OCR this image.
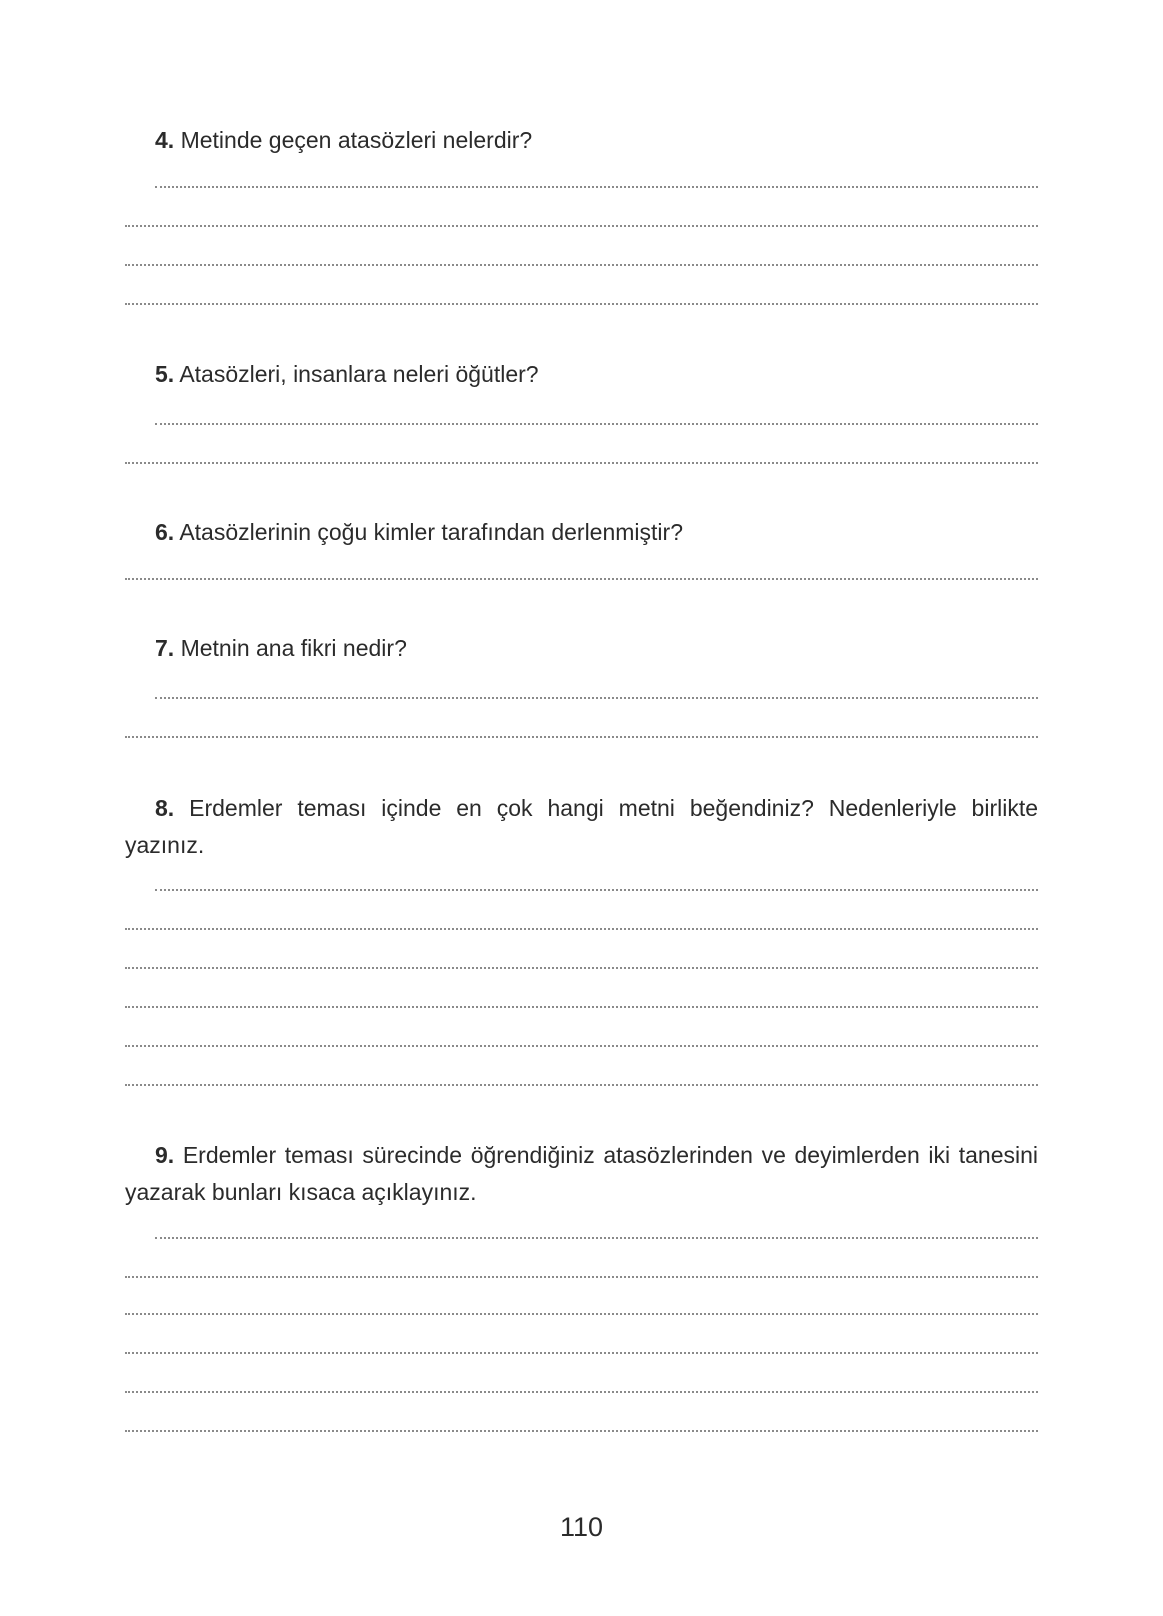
4. Metinde geçen atasözleri nelerdir?
5. Atasözleri, insanlara neleri öğütler?
6. Atasözlerinin çoğu kimler tarafından derlenmiştir?
7. Metnin ana fikri nedir?
8. Erdemler teması içinde en çok hangi metni beğendiniz? Nedenleriyle birlikte yazınız.
9. Erdemler teması sürecinde öğrendiğiniz atasözlerinden ve deyimlerden iki tanesini yazarak bunları kısaca açıklayınız.
110
